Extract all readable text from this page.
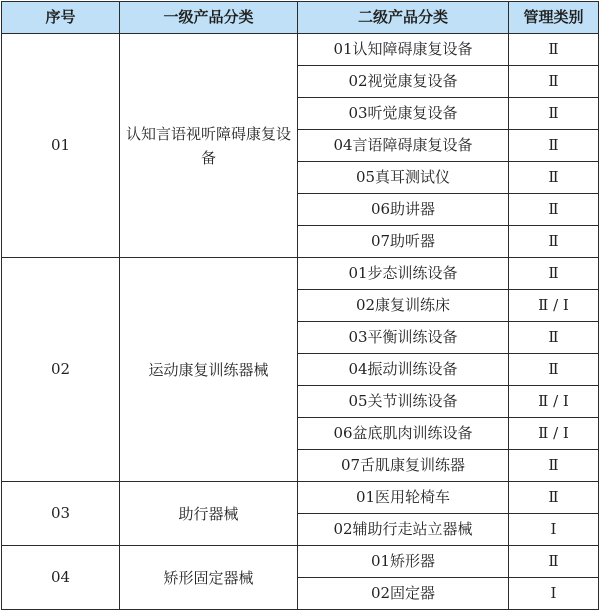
序号	一级产品分类	二级产品分类	管理类别
01	认知言语视听障碍康复设备	01认知障碍康复设备	Ⅱ
		02视觉康复设备	Ⅱ
		03听觉康复设备	Ⅱ
		04言语障碍康复设备	Ⅱ
		05真耳测试仪	Ⅱ
		06助讲器	Ⅱ
		07助听器	Ⅱ
02	运动康复训练器械	01步态训练设备	Ⅱ
		02康复训练床	Ⅱ / Ⅰ
		03平衡训练设备	Ⅱ
		04振动训练设备	Ⅱ
		05关节训练设备	Ⅱ / Ⅰ
		06盆底肌肉训练设备	Ⅱ / Ⅰ
		07舌肌康复训练器	Ⅱ
03	助行器械	01医用轮椅车	Ⅱ
		02辅助行走站立器械	Ⅰ
04	矫形固定器械	01矫形器	Ⅱ
		02固定器	Ⅰ
